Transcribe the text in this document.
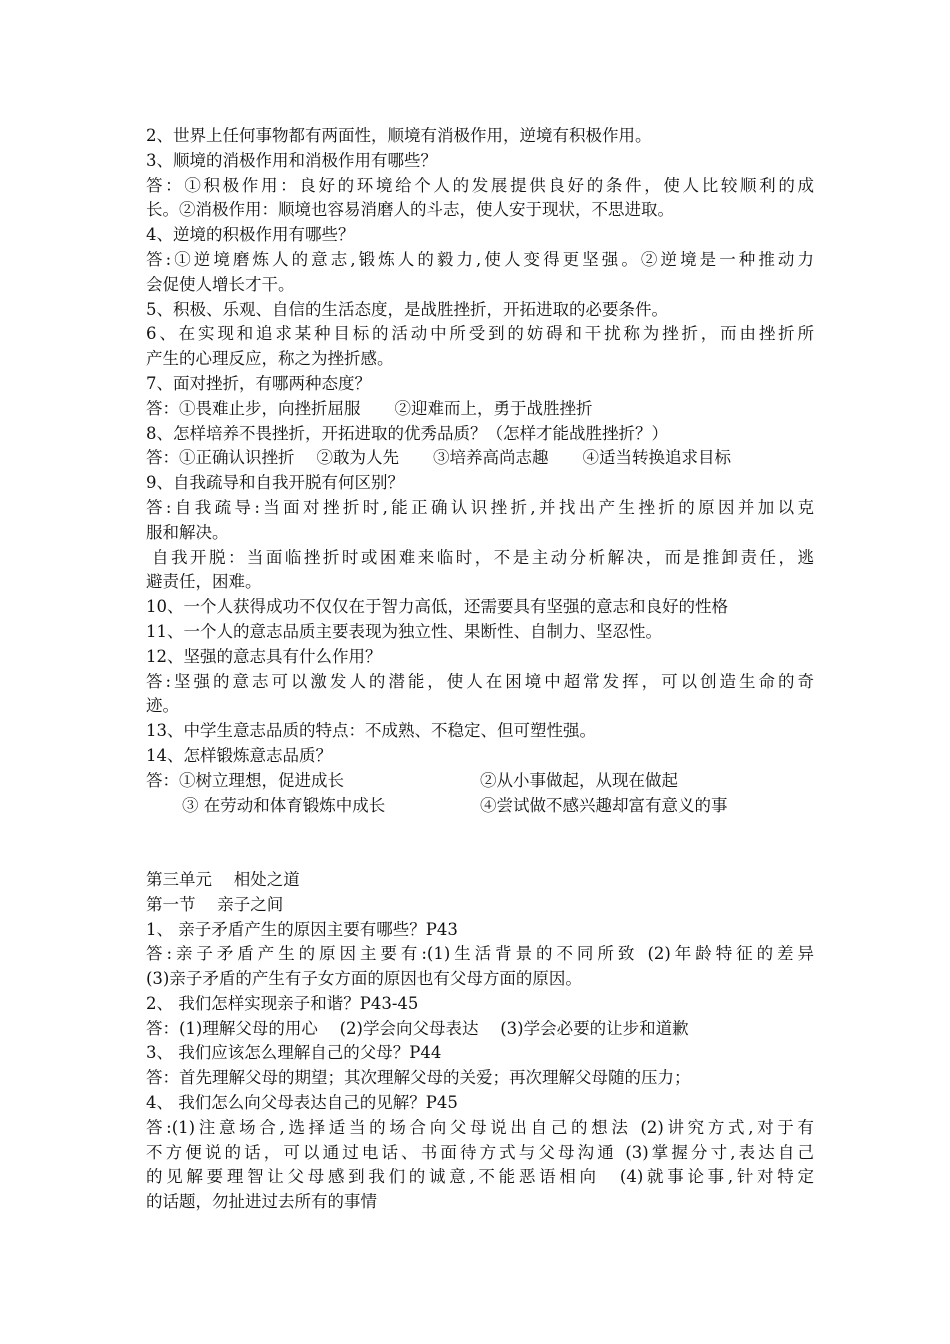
2、世界上任何事物都有两面性，顺境有消极作用，逆境有积极作用。
3、顺境的消极作用和消极作用有哪些？
答：①积极作用：良好的环境给个人的发展提供良好的条件，使人比较顺利的成
长。②消极作用：顺境也容易消磨人的斗志，使人安于现状，不思进取。
4、逆境的积极作用有哪些？
答:①逆境磨炼人的意志,锻炼人的毅力,使人变得更坚强。②逆境是一种推动力
会促使人增长才干。
5、积极、乐观、自信的生活态度，是战胜挫折，开拓进取的必要条件。
6、在实现和追求某种目标的活动中所受到的妨碍和干扰称为挫折，而由挫折所
产生的心理反应，称之为挫折感。
7、面对挫折，有哪两种态度？
答：①畏难止步，向挫折屈服 ②迎难而上，勇于战胜挫折
8、怎样培养不畏挫折，开拓进取的优秀品质？（怎样才能战胜挫折？）
答：①正确认识挫折 ②敢为人先 ③培养高尚志趣 ④适当转换追求目标
9、自我疏导和自我开脱有何区别？
答:自我疏导:当面对挫折时,能正确认识挫折,并找出产生挫折的原因并加以克
服和解决。
自我开脱：当面临挫折时或困难来临时，不是主动分析解决，而是推卸责任，逃
避责任，困难。
10、一个人获得成功不仅仅在于智力高低，还需要具有坚强的意志和良好的性格
11、一个人的意志品质主要表现为独立性、果断性、自制力、坚忍性。
12、坚强的意志具有什么作用？
答:坚强的意志可以激发人的潜能，使人在困境中超常发挥，可以创造生命的奇
迹。
13、中学生意志品质的特点：不成熟、不稳定、但可塑性强。
14、怎样锻炼意志品质？
答：①树立理想，促进成长	②从小事做起，从现在做起
③ 在劳动和体育锻炼中成长	④尝试做不感兴趣却富有意义的事
第三单元　 相处之道
第一节　 亲子之间
1、 亲子矛盾产生的原因主要有哪些？P43
答:亲子矛盾产生的原因主要有:(1)生活背景的不同所致 (2)年龄特征的差异
(3)亲子矛盾的产生有子女方面的原因也有父母方面的原因。
2、 我们怎样实现亲子和谐？P43-45
答：(1)理解父母的用心　 (2)学会向父母表达　 (3)学会必要的让步和道歉
3、 我们应该怎么理解自己的父母？P44
答：首先理解父母的期望；其次理解父母的关爱；再次理解父母随的压力；
4、 我们怎么向父母表达自己的见解？P45
答:(1)注意场合,选择适当的场合向父母说出自己的想法 (2)讲究方式,对于有
不方便说的话，可以通过电话、书面待方式与父母沟通 (3)掌握分寸,表达自己
的见解要理智让父母感到我们的诚意,不能恶语相向　(4)就事论事,针对特定
的话题，勿扯进过去所有的事情
